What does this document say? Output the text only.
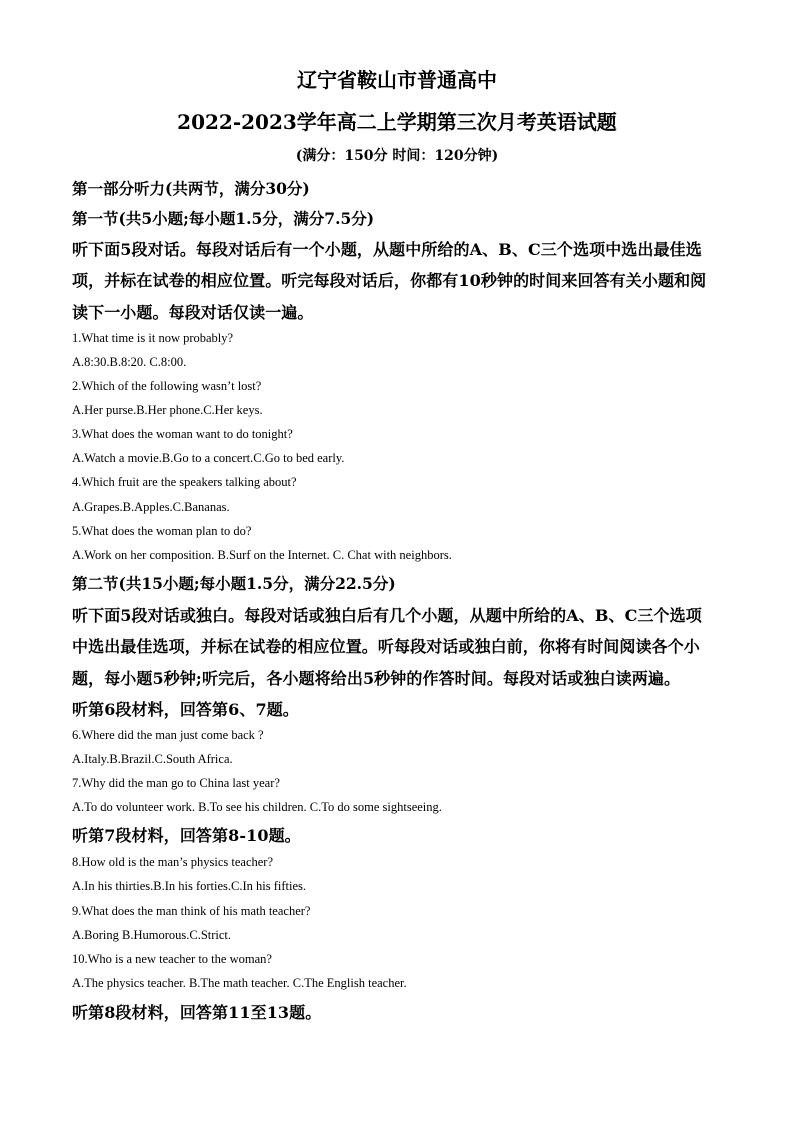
辽宁省鞍山市普通高中
2022-2023学年高二上学期第三次月考英语试题
(满分：150分 时间：120分钟)
第一部分听力(共两节，满分30分)
第一节(共5小题;每小题1.5分，满分7.5分)
听下面5段对话。每段对话后有一个小题，从题中所给的A、B、C三个选项中选出最佳选
项，并标在试卷的相应位置。听完每段对话后，你都有10秒钟的时间来回答有关小题和阅
读下一小题。每段对话仅读一遍。
1.What time is it now probably?
A.8:30.B.8:20. C.8:00.
2.Which of the following wasn’t lost?
A.Her purse.B.Her phone.C.Her keys.
3.What does the woman want to do tonight?
A.Watch a movie.B.Go to a concert.C.Go to bed early.
4.Which fruit are the speakers talking about?
A.Grapes.B.Apples.C.Bananas.
5.What does the woman plan to do?
A.Work on her composition. B.Surf on the Internet. C. Chat with neighbors.
第二节(共15小题;每小题1.5分，满分22.5分)
听下面5段对话或独白。每段对话或独白后有几个小题，从题中所给的A、B、C三个选项
中选出最佳选项，并标在试卷的相应位置。听每段对话或独白前，你将有时间阅读各个小
题，每小题5秒钟;听完后，各小题将给出5秒钟的作答时间。每段对话或独白读两遍。
听第6段材料，回答第6、7题。
6.Where did the man just come back ?
A.Italy.B.Brazil.C.South Africa.
7.Why did the man go to China last year?
A.To do volunteer work. B.To see his children. C.To do some sightseeing.
听第7段材料，回答第8-10题。
8.How old is the man’s physics teacher?
A.In his thirties.B.In his forties.C.In his fifties.
9.What does the man think of his math teacher?
A.Boring B.Humorous.C.Strict.
10.Who is a new teacher to the woman?
A.The physics teacher. B.The math teacher. C.The English teacher.
听第8段材料，回答第11至13题。
